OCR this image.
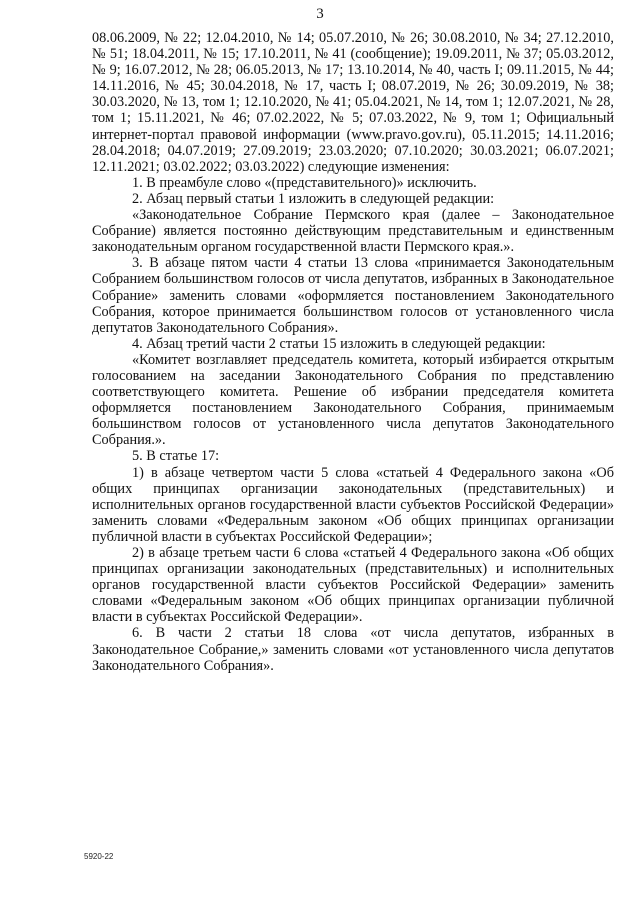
3

08.06.2009, № 22; 12.04.2010, № 14; 05.07.2010, № 26; 30.08.2010, № 34; 27.12.2010, № 51; 18.04.2011, № 15; 17.10.2011, № 41 (сообщение); 19.09.2011, № 37; 05.03.2012, № 9; 16.07.2012, № 28; 06.05.2013, № 17; 13.10.2014, № 40, часть I; 09.11.2015, № 44; 14.11.2016, № 45; 30.04.2018, № 17, часть I; 08.07.2019, № 26; 30.09.2019, № 38; 30.03.2020, № 13, том 1; 12.10.2020, № 41; 05.04.2021, № 14, том 1; 12.07.2021, № 28, том 1; 15.11.2021, № 46; 07.02.2022, № 5; 07.03.2022, № 9, том 1; Официальный интернет-портал правовой информации (www.pravo.gov.ru), 05.11.2015; 14.11.2016; 28.04.2018; 04.07.2019; 27.09.2019; 23.03.2020; 07.10.2020; 30.03.2021; 06.07.2021; 12.11.2021; 03.02.2022; 03.03.2022) следующие изменения:

1. В преамбуле слово «(представительного)» исключить.

2. Абзац первый статьи 1 изложить в следующей редакции:

«Законодательное Собрание Пермского края (далее – Законодательное Собрание) является постоянно действующим представительным и единственным законодательным органом государственной власти Пермского края.».

3. В абзаце пятом части 4 статьи 13 слова «принимается Законодательным Собранием большинством голосов от числа депутатов, избранных в Законодательное Собрание» заменить словами «оформляется постановлением Законодательного Собрания, которое принимается большинством голосов от установленного числа депутатов Законодательного Собрания».

4. Абзац третий части 2 статьи 15 изложить в следующей редакции:

«Комитет возглавляет председатель комитета, который избирается открытым голосованием на заседании Законодательного Собрания по представлению соответствующего комитета. Решение об избрании председателя комитета оформляется постановлением Законодательного Собрания, принимаемым большинством голосов от установленного числа депутатов Законодательного Собрания.».

5. В статье 17:

1) в абзаце четвертом части 5 слова «статьей 4 Федерального закона «Об общих принципах организации законодательных (представительных) и исполнительных органов государственной власти субъектов Российской Федерации» заменить словами «Федеральным законом «Об общих принципах организации публичной власти в субъектах Российской Федерации»;

2) в абзаце третьем части 6 слова «статьей 4 Федерального закона «Об общих принципах организации законодательных (представительных) и исполнительных органов государственной власти субъектов Российской Федерации» заменить словами «Федеральным законом «Об общих принципах организации публичной власти в субъектах Российской Федерации».

6. В части 2 статьи 18 слова «от числа депутатов, избранных в Законодательное Собрание,» заменить словами «от установленного числа депутатов Законодательного Собрания».

5920-22
